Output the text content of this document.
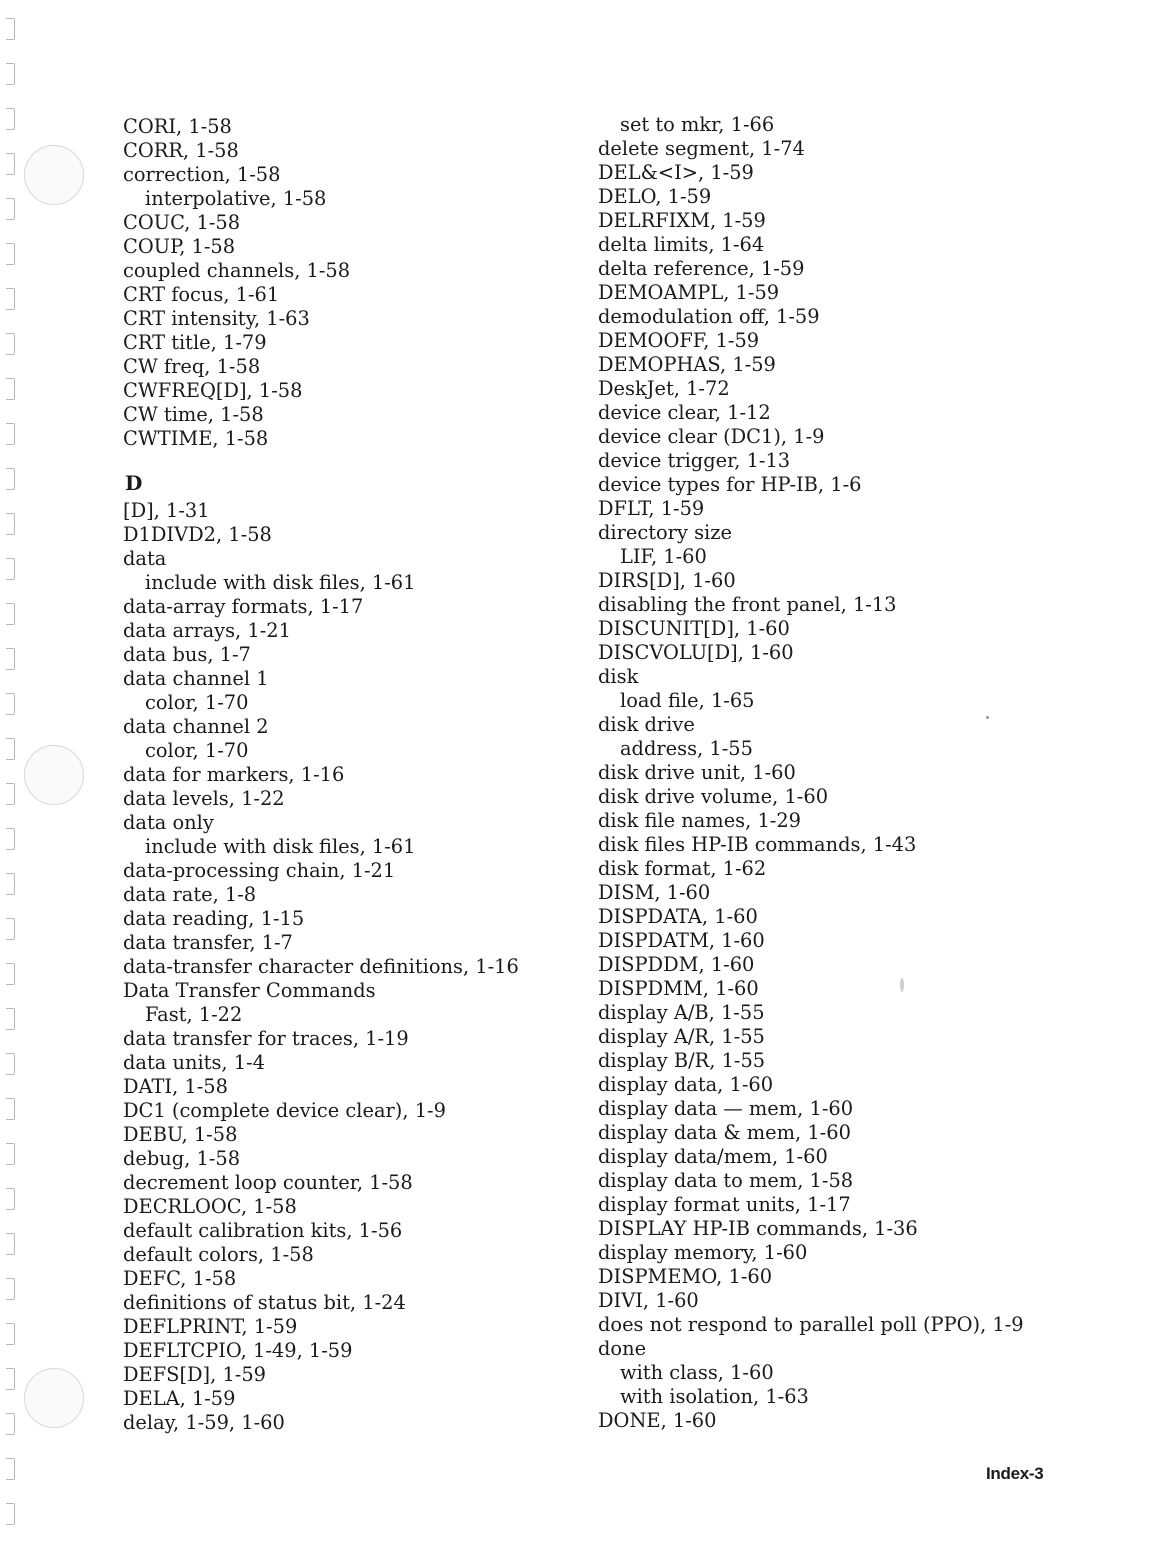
CORI, 1-58
CORR, 1-58
correction, 1-58
interpolative, 1-58
COUC, 1-58
COUP, 1-58
coupled channels, 1-58
CRT focus, 1-61
CRT intensity, 1-63
CRT title, 1-79
CW freq, 1-58
CWFREQ[D], 1-58
CW time, 1-58
CWTIME, 1-58
D
[D], 1-31
D1DIVD2, 1-58
data
include with disk files, 1-61
data-array formats, 1-17
data arrays, 1-21
data bus, 1-7
data channel 1
color, 1-70
data channel 2
color, 1-70
data for markers, 1-16
data levels, 1-22
data only
include with disk files, 1-61
data-processing chain, 1-21
data rate, 1-8
data reading, 1-15
data transfer, 1-7
data-transfer character definitions, 1-16
Data Transfer Commands
Fast, 1-22
data transfer for traces, 1-19
data units, 1-4
DATI, 1-58
DC1 (complete device clear), 1-9
DEBU, 1-58
debug, 1-58
decrement loop counter, 1-58
DECRLOOC, 1-58
default calibration kits, 1-56
default colors, 1-58
DEFC, 1-58
definitions of status bit, 1-24
DEFLPRINT, 1-59
DEFLTCPIO, 1-49, 1-59
DEFS[D], 1-59
DELA, 1-59
delay, 1-59, 1-60
set to mkr, 1-66
delete segment, 1-74
DEL&<I>, 1-59
DELO, 1-59
DELRFIXM, 1-59
delta limits, 1-64
delta reference, 1-59
DEMOAMPL, 1-59
demodulation off, 1-59
DEMOOFF, 1-59
DEMOPHAS, 1-59
DeskJet, 1-72
device clear, 1-12
device clear (DC1), 1-9
device trigger, 1-13
device types for HP-IB, 1-6
DFLT, 1-59
directory size
LIF, 1-60
DIRS[D], 1-60
disabling the front panel, 1-13
DISCUNIT[D], 1-60
DISCVOLU[D], 1-60
disk
load file, 1-65
disk drive
address, 1-55
disk drive unit, 1-60
disk drive volume, 1-60
disk file names, 1-29
disk files HP-IB commands, 1-43
disk format, 1-62
DISM, 1-60
DISPDATA, 1-60
DISPDATM, 1-60
DISPDDM, 1-60
DISPDMM, 1-60
display A/B, 1-55
display A/R, 1-55
display B/R, 1-55
display data, 1-60
display data — mem, 1-60
display data & mem, 1-60
display data/mem, 1-60
display data to mem, 1-58
display format units, 1-17
DISPLAY HP-IB commands, 1-36
display memory, 1-60
DISPMEMO, 1-60
DIVI, 1-60
does not respond to parallel poll (PPO), 1-9
done
with class, 1-60
with isolation, 1-63
DONE, 1-60
Index-3
